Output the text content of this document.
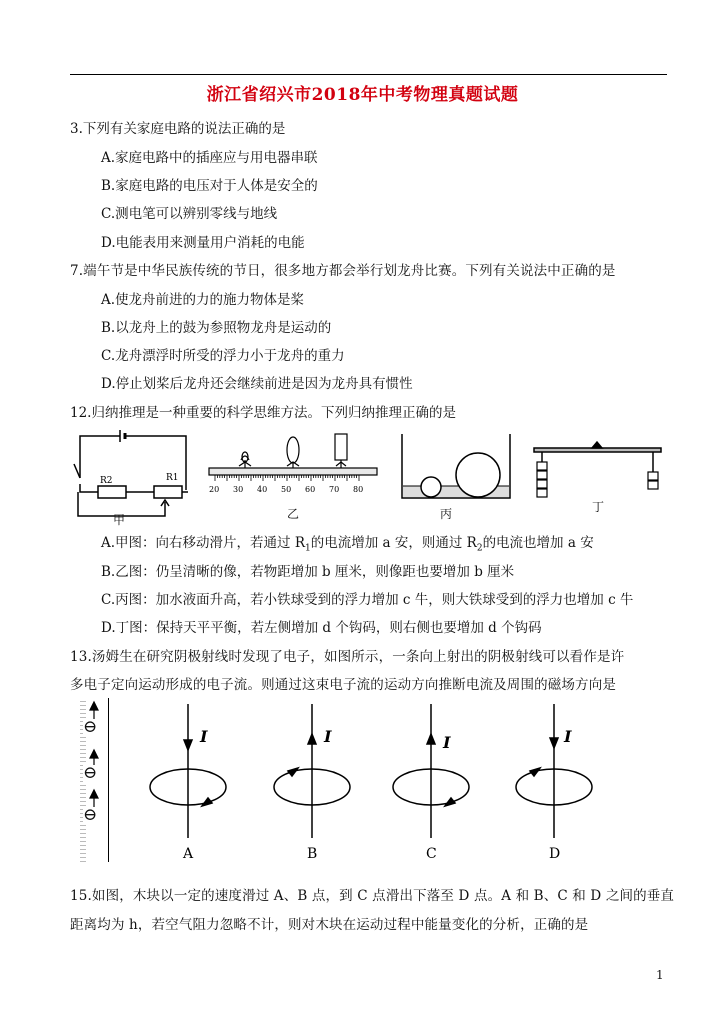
浙江省绍兴市2018年中考物理真题试题
3.下列有关家庭电路的说法正确的是
A.家庭电路中的插座应与用电器串联
B.家庭电路的电压对于人体是安全的
C.测电笔可以辨别零线与地线
D.电能表用来测量用户消耗的电能
7.端午节是中华民族传统的节日，很多地方都会举行划龙舟比赛。下列有关说法中正确的是
A.使龙舟前进的力的施力物体是桨
B.以龙舟上的鼓为参照物龙舟是运动的
C.龙舟漂浮时所受的浮力小于龙舟的重力
D.停止划桨后龙舟还会继续前进是因为龙舟具有惯性
12.归纳推理是一种重要的科学思维方法。下列归纳推理正确的是
R2	R1
甲
20 30 40 50 60 70 80
乙	丙	丁
A.甲图：向右移动滑片，若通过 $R_1$的电流增加 a 安，则通过 $R_2$的电流也增加 a 安
B.乙图：仍呈清晰的像，若物距增加 b 厘米，则像距也要增加 b 厘米
C.丙图：加水液面升高，若小铁球受到的浮力增加 c 牛，则大铁球受到的浮力也增加 c 牛
D.丁图：保持天平平衡，若左侧增加 d 个钩码，则右侧也要增加 d 个钩码
13.汤姆生在研究阴极射线时发现了电子，如图所示，一条向上射出的阴极射线可以看作是许
多电子定向运动形成的电子流。则通过这束电子流的运动方向推断电流及周围的磁场方向是
⊖
⊖
⊖
I	I	I	I
A	B	C	D
15.如图，木块以一定的速度滑过 A、B 点，到 C 点滑出下落至 D 点。A 和 B、C 和 D 之间的垂直
距离均为 h，若空气阻力忽略不计，则对木块在运动过程中能量变化的分析，正确的是
1
